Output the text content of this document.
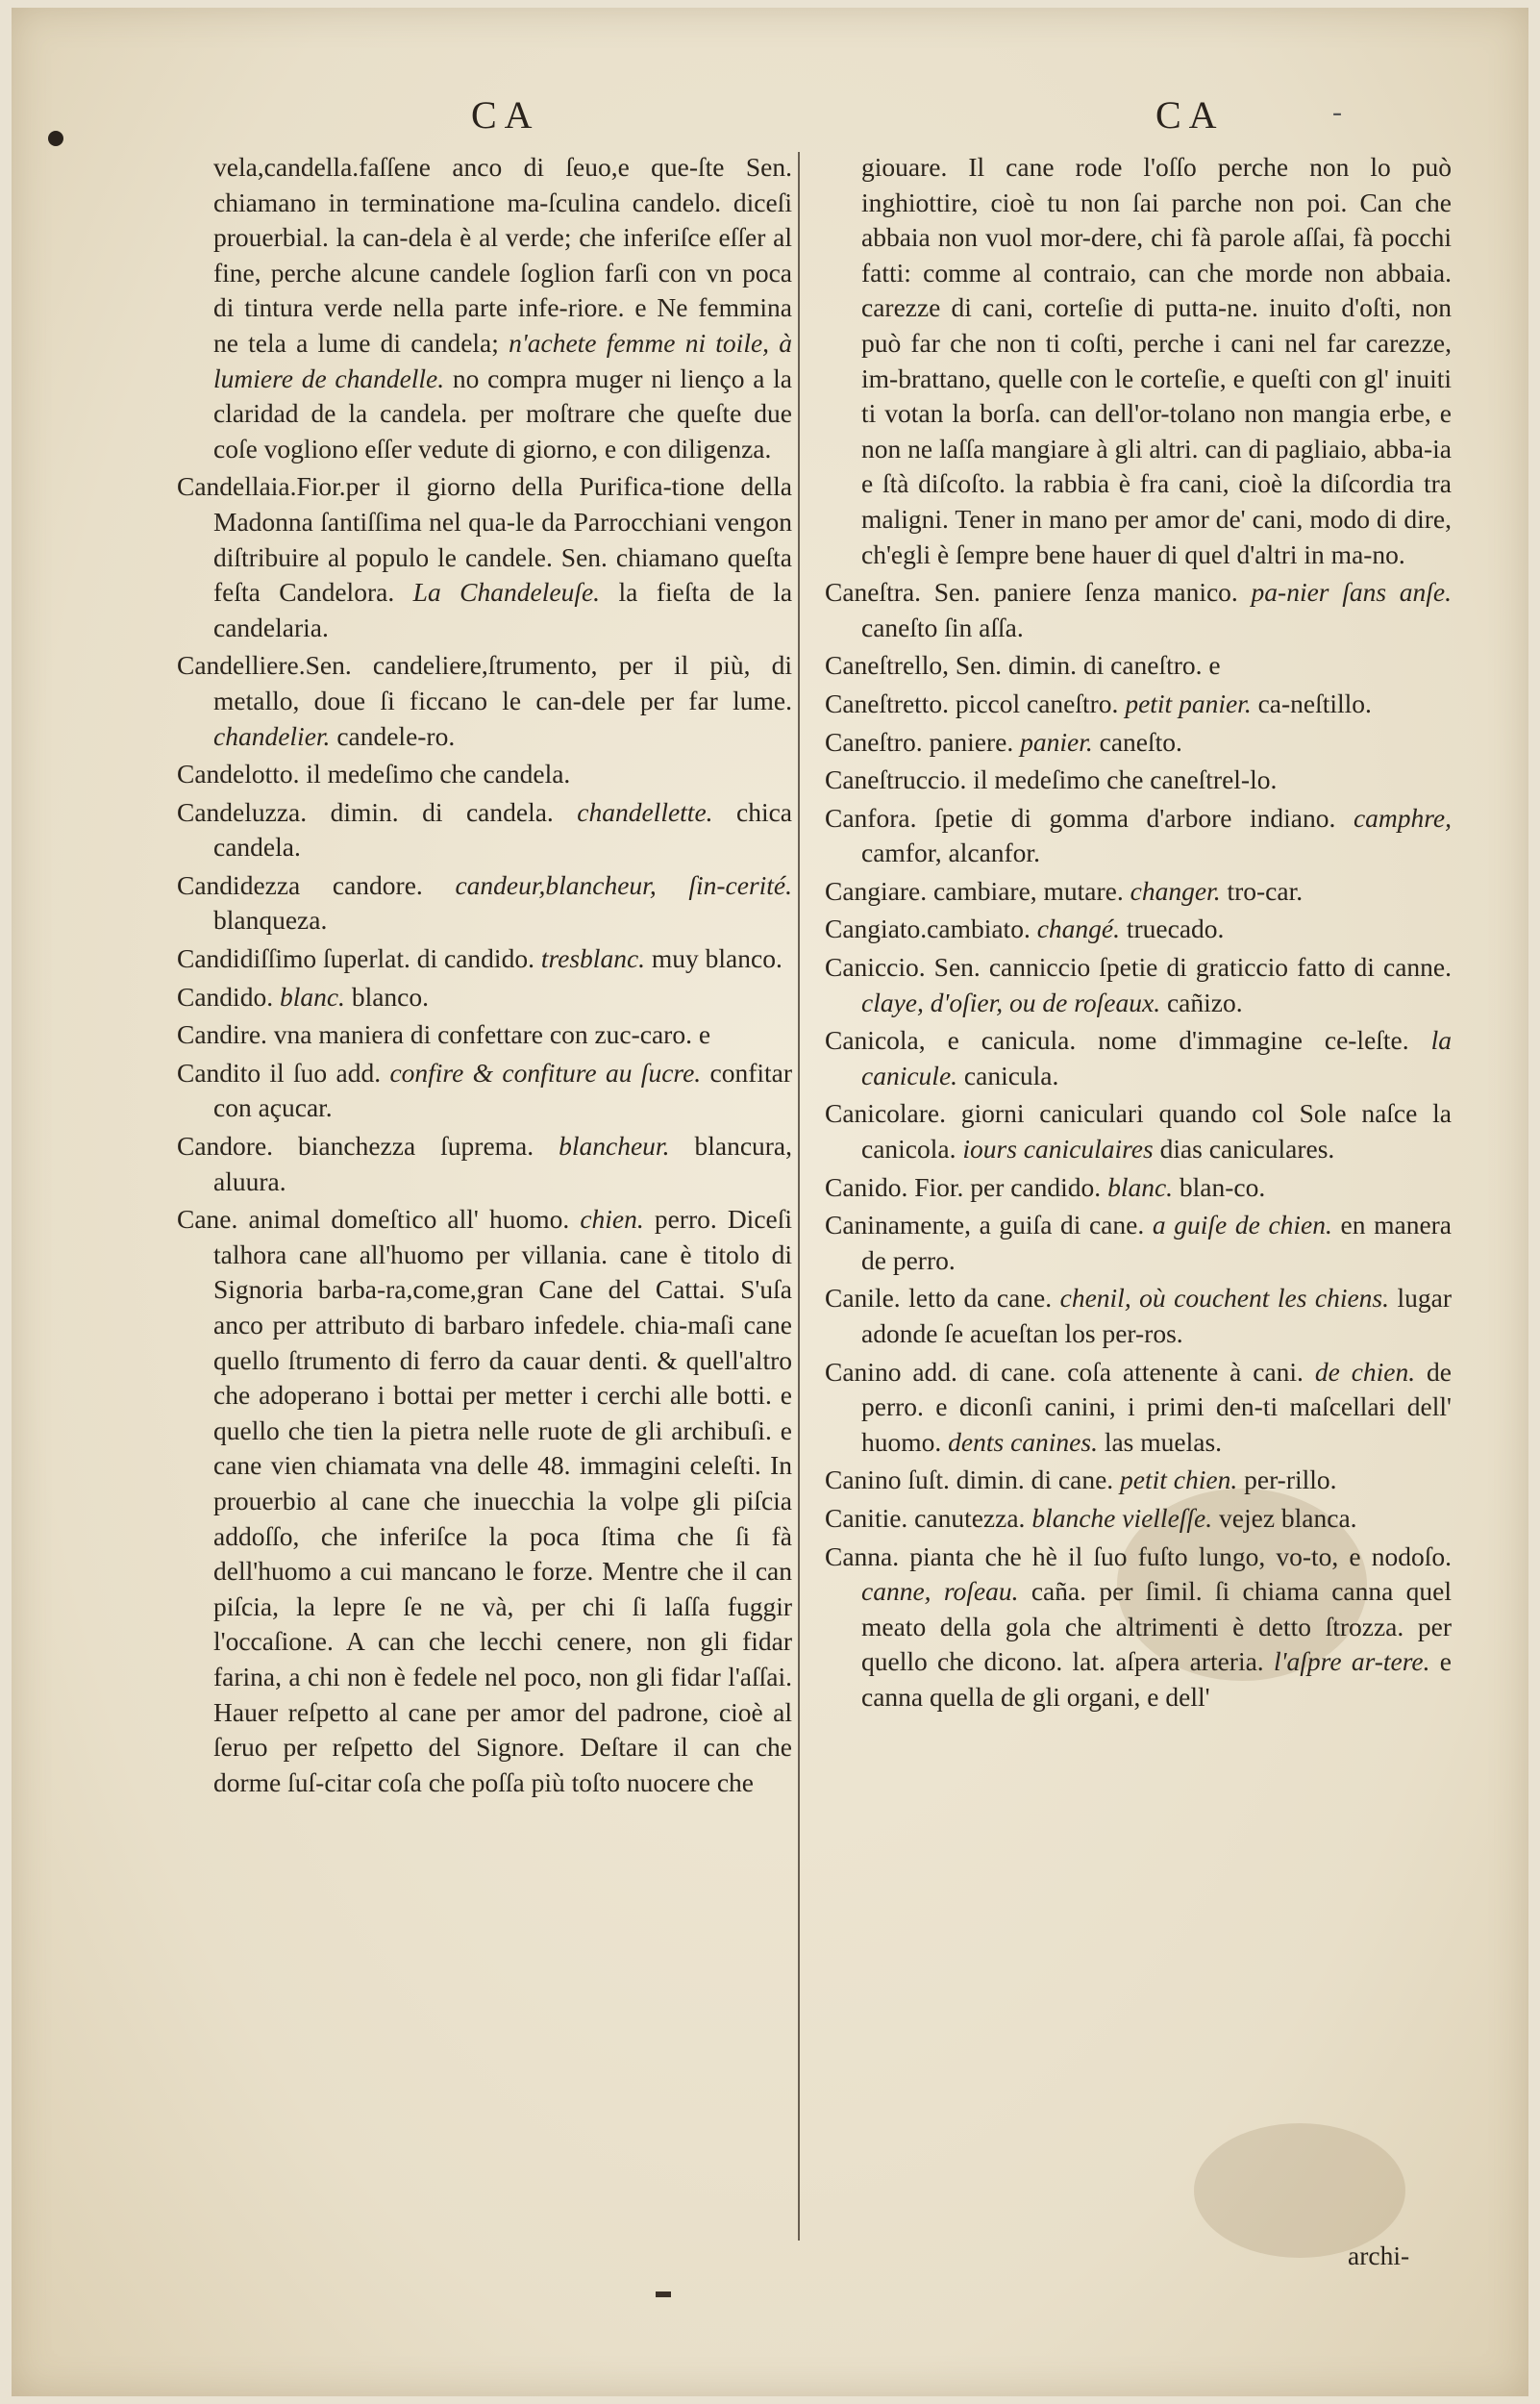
CA	CA	-

vela,candella.faſſene anco di ſeuo,e que-ſte Sen. chiamano in terminatione ma-ſculina candelo. diceſi prouerbial. la can-dela è al verde; che inferiſce eſſer al fine, perche alcune candele ſoglion farſi con vn poca di tintura verde nella parte infe-riore. e Ne femmina ne tela a lume di candela; n'achete femme ni toile, à lumiere de chandelle. no compra muger ni lienço a la claridad de la candela. per moſtrare che queſte due coſe vogliono eſſer vedute di giorno, e con diligenza.

Candellaia.Fior.per il giorno della Purifica-tione della Madonna ſantiſſima nel qua-le da Parrocchiani vengon diſtribuire al populo le candele. Sen. chiamano queſta feſta Candelora. La Chandeleuſe. la fieſta de la candelaria.

Candelliere.Sen. candeliere,ſtrumento, per il più, di metallo, doue ſi ficcano le can-dele per far lume. chandelier. candele-ro.

Candelotto. il medeſimo che candela.

Candeluzza. dimin. di candela. chandellette. chica candela.

Candidezza candore. candeur,blancheur, ſin-cerité. blanqueza.

Candidiſſimo ſuperlat. di candido. tresblanc. muy blanco.

Candido. blanc. blanco.

Candire. vna maniera di confettare con zuc-caro. e

Candito il ſuo add. confire & confiture au ſucre. confitar con açucar.

Candore. bianchezza ſuprema. blancheur. blancura, aluura.

Cane. animal domeſtico all' huomo. chien. perro. Diceſi talhora cane all'huomo per villania. cane è titolo di Signoria barba-ra,come,gran Cane del Cattai. S'uſa anco per attributo di barbaro infedele. chia-maſi cane quello ſtrumento di ferro da cauar denti. & quell'altro che adoperano i bottai per metter i cerchi alle botti. e quello che tien la pietra nelle ruote de gli archibuſi. e cane vien chiamata vna delle 48. immagini celeſti. In prouerbio al cane che inuecchia la volpe gli piſcia addoſſo, che inferiſce la poca ſtima che ſi fà dell'huomo a cui mancano le forze. Mentre che il can piſcia, la lepre ſe ne và, per chi ſi laſſa fuggir l'occaſione. A can che lecchi cenere, non gli fidar farina, a chi non è fedele nel poco, non gli fidar l'aſſai. Hauer reſpetto al cane per amor del padrone, cioè al ſeruo per reſpetto del Signore. Deſtare il can che dorme ſuſ-citar coſa che poſſa più toſto nuocere che

giouare. Il cane rode l'oſſo perche non lo può inghiottire, cioè tu non ſai parche non poi. Can che abbaia non vuol mor-dere, chi fà parole aſſai, fà pocchi fatti: comme al contraio, can che morde non abbaia. carezze di cani, corteſie di putta-ne. inuito d'oſti, non può far che non ti coſti, perche i cani nel far carezze, im-brattano, quelle con le corteſie, e queſti con gl' inuiti ti votan la borſa. can dell'or-tolano non mangia erbe, e non ne laſſa mangiare à gli altri. can di pagliaio, abba-ia e ſtà diſcoſto. la rabbia è fra cani, cioè la diſcordia tra maligni. Tener in mano per amor de' cani, modo di dire, ch'egli è ſempre bene hauer di quel d'altri in ma-no.

Caneſtra. Sen. paniere ſenza manico. pa-nier ſans anſe. caneſto ſin aſſa.

Caneſtrello, Sen. dimin. di caneſtro. e

Caneſtretto. piccol caneſtro. petit panier. ca-neſtillo.

Caneſtro. paniere. panier. caneſto.

Caneſtruccio. il medeſimo che caneſtrel-lo.

Canfora. ſpetie di gomma d'arbore indiano. camphre, camfor, alcanfor.

Cangiare. cambiare, mutare. changer. tro-car.

Cangiato.cambiato. changé. truecado.

Caniccio. Sen. canniccio ſpetie di graticcio fatto di canne. claye, d'oſier, ou de roſeaux. cañizo.

Canicola, e canicula. nome d'immagine ce-leſte. la canicule. canicula.

Canicolare. giorni caniculari quando col Sole naſce la canicola. iours caniculaires dias caniculares.

Canido. Fior. per candido. blanc. blan-co.

Caninamente, a guiſa di cane. a guiſe de chien. en manera de perro.

Canile. letto da cane. chenil, où couchent les chiens. lugar adonde ſe acueſtan los per-ros.

Canino add. di cane. coſa attenente à cani. de chien. de perro. e diconſi canini, i primi den-ti maſcellari dell' huomo. dents canines. las muelas.

Canino ſuſt. dimin. di cane. petit chien. per-rillo.

Canitie. canutezza. blanche vielleſſe. vejez blanca.

Canna. pianta che hè il ſuo fuſto lungo, vo-to, e nodoſo. canne, roſeau. caña. per ſimil. ſi chiama canna quel meato della gola che altrimenti è detto ſtrozza. per quello che dicono. lat. aſpera arteria. l'aſpre ar-tere. e canna quella de gli organi, e dell'

archi-
